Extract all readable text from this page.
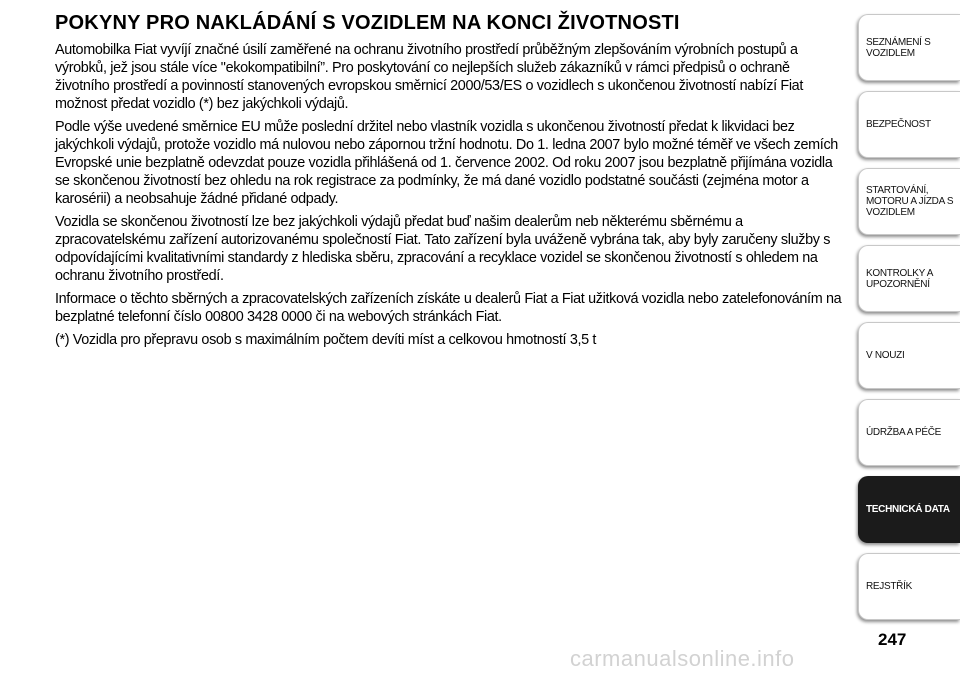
POKYNY PRO NAKLÁDÁNÍ S VOZIDLEM NA KONCI ŽIVOTNOSTI

Automobilka Fiat vyvíjí značné úsilí zaměřené na ochranu životního prostředí průběžným zlepšováním výrobních postupů a výrobků, jež jsou stále více "ekokompatibilní”. Pro poskytování co nejlepších služeb zákazníků v rámci předpisů o ochraně životního prostředí a povinností stanovených evropskou směrnicí 2000/53/ES o vozidlech s ukončenou životností nabízí Fiat možnost předat vozidlo (*) bez jakýchkoli výdajů.

Podle výše uvedené směrnice EU může poslední držitel nebo vlastník vozidla s ukončenou životností předat k likvidaci bez jakýchkoli výdajů, protože vozidlo má nulovou nebo zápornou tržní hodnotu. Do 1. ledna 2007 bylo možné téměř ve všech zemích Evropské unie bezplatně odevzdat pouze vozidla přihlášená od 1. července 2002. Od roku 2007 jsou bezplatně přijímána vozidla se skončenou životností bez ohledu na rok registrace za podmínky, že má dané vozidlo podstatné součásti (zejména motor a karosérii) a neobsahuje žádné přidané odpady.

Vozidla se skončenou životností lze bez jakýchkoli výdajů předat buď našim dealerům neb některému sběrnému a zpracovatelskému zařízení autorizovanému společností Fiat. Tato zařízení byla uváženě vybrána tak, aby byly zaručeny služby s odpovídajícími kvalitativními standardy z hlediska sběru, zpracování a recyklace vozidel se skončenou životností s ohledem na ochranu životního prostředí.

Informace o těchto sběrných a zpracovatelských zařízeních získáte u dealerů Fiat a Fiat užitková vozidla nebo zatelefonováním na bezplatné telefonní číslo 00800 3428 0000 či na webových stránkách Fiat.

(*) Vozidla pro přepravu osob s maximálním počtem devíti míst a celkovou hmotností 3,5 t

SEZNÁMENÍ S VOZIDLEM
BEZPEČNOST
STARTOVÁNÍ, MOTORU A JÍZDA S VOZIDLEM
KONTROLKY A UPOZORNĚNÍ
V NOUZI
ÚDRŽBA A PÉČE
TECHNICKÁ DATA
REJSTŘÍK
247
carmanualsonline.info
